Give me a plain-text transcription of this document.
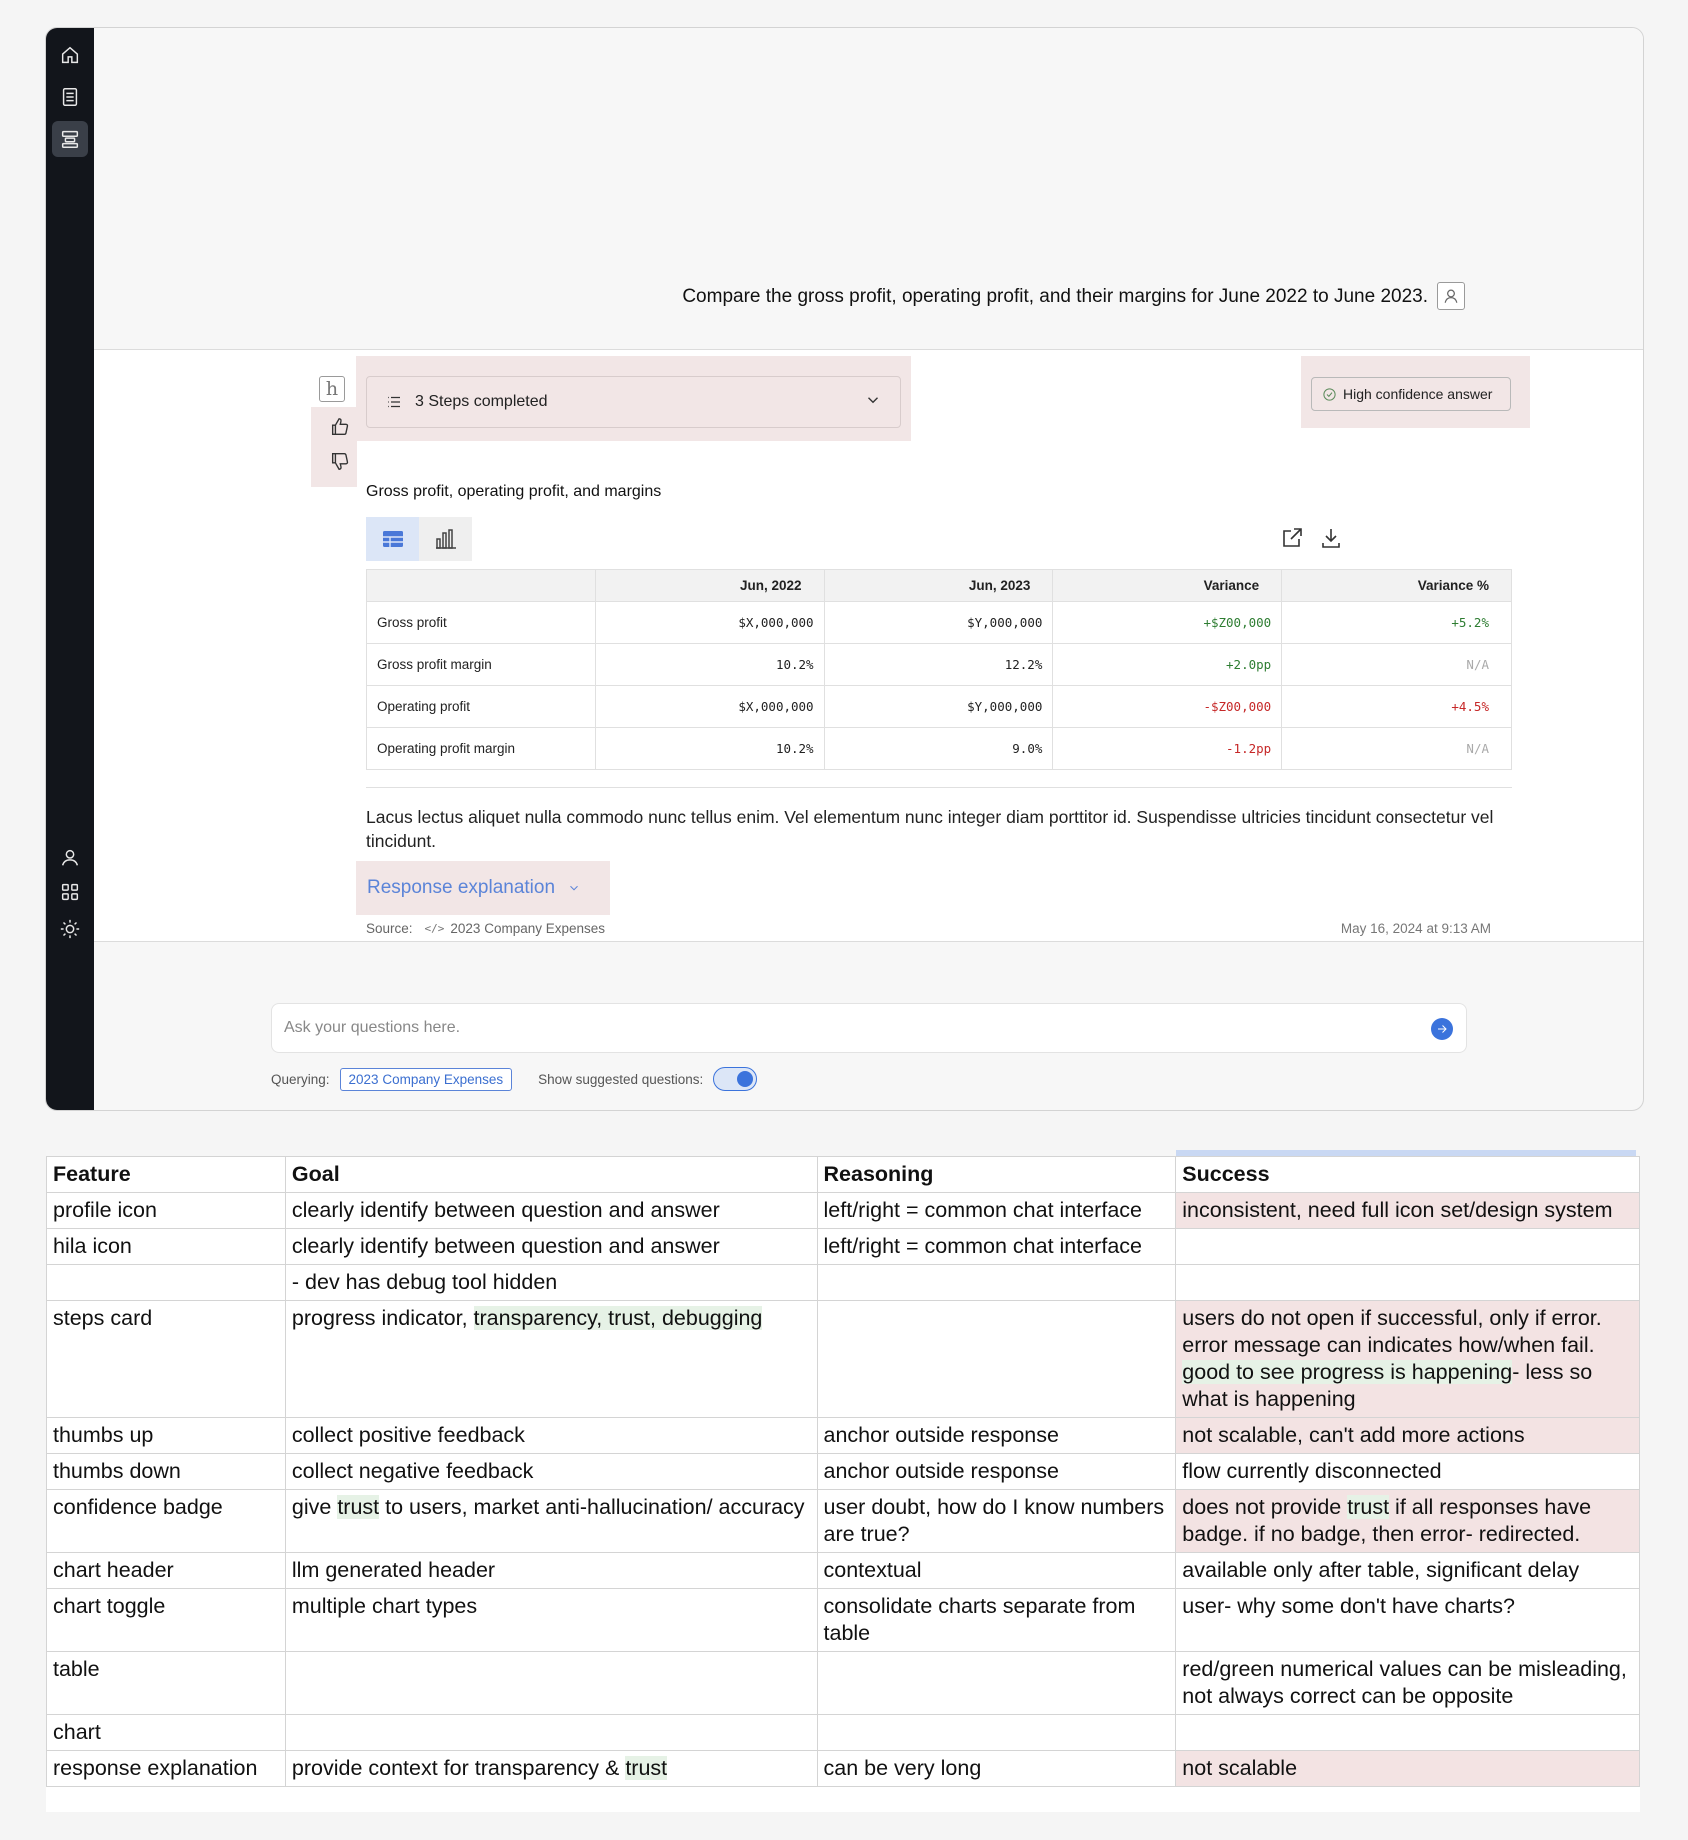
Compare the gross profit, operating profit, and their margins for June 2022 to June 2023.
h
3 Steps completed	High confidence answer
Gross profit, operating profit, and margins
	Jun, 2022	Jun, 2023	Variance	Variance %
Gross profit	$X,000,000	$Y,000,000	+$Z00,000	+5.2%
Gross profit margin	10.2%	12.2%	+2.0pp	N/A
Operating profit	$X,000,000	$Y,000,000	-$Z00,000	+4.5%
Operating profit margin	10.2%	9.0%	-1.2pp	N/A
Lacus lectus aliquet nulla commodo nunc tellus enim. Vel elementum nunc integer diam porttitor id. Suspendisse ultricies tincidunt consectetur vel tincidunt.
Response explanation
Source: </> 2023 Company Expenses	May 16, 2024 at 9:13 AM
Ask your questions here.
Querying:	2023 Company Expenses	Show suggested questions:
Feature	Goal	Reasoning	Success
profile icon	clearly identify between question and answer	left/right = common chat interface	inconsistent, need full icon set/design system
hila icon	clearly identify between question and answer	left/right = common chat interface	
	- dev has debug tool hidden		
steps card	progress indicator, transparency, trust, debugging		users do not open if successful, only if error. error message can indicates how/when fail. good to see progress is happening- less so what is happening
thumbs up	collect positive feedback	anchor outside response	not scalable, can't add more actions
thumbs down	collect negative feedback	anchor outside response	flow currently disconnected
confidence badge	give trust to users, market anti-hallucination/ accuracy	user doubt, how do I know numbers are true?	does not provide trust if all responses have badge. if no badge, then error- redirected.
chart header	llm generated header	contextual	available only after table, significant delay
chart toggle	multiple chart types	consolidate charts separate from table	user- why some don't have charts?
table			red/green numerical values can be misleading, not always correct can be opposite
chart			
response explanation	provide context for transparency & trust	can be very long	not scalable
